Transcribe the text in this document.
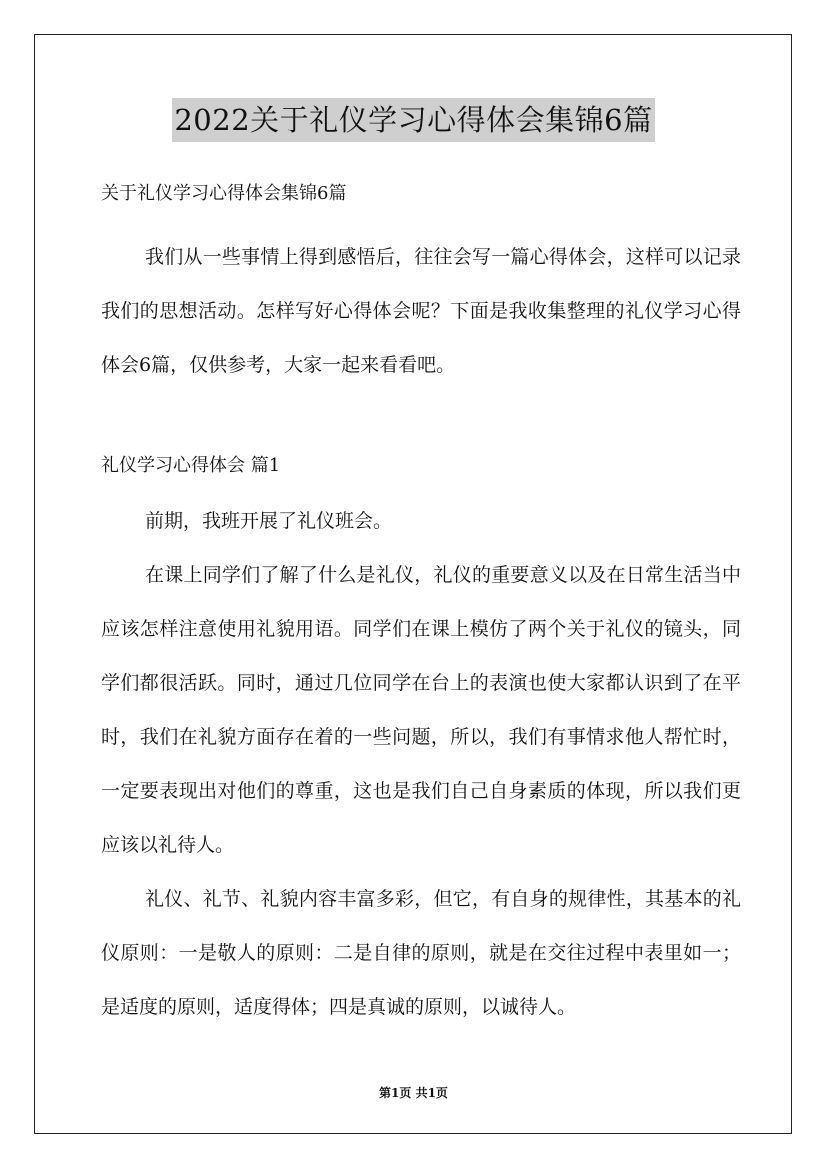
2022关于礼仪学习心得体会集锦6篇
关于礼仪学习心得体会集锦6篇

我们从一些事情上得到感悟后，往往会写一篇心得体会，这样可以记录我们的思想活动。怎样写好心得体会呢？下面是我收集整理的礼仪学习心得体会6篇，仅供参考，大家一起来看看吧。

礼仪学习心得体会 篇1

前期，我班开展了礼仪班会。

在课上同学们了解了什么是礼仪，礼仪的重要意义以及在日常生活当中应该怎样注意使用礼貌用语。同学们在课上模仿了两个关于礼仪的镜头，同学们都很活跃。同时，通过几位同学在台上的表演也使大家都认识到了在平时，我们在礼貌方面存在着的一些问题，所以，我们有事情求他人帮忙时，一定要表现出对他们的尊重，这也是我们自己自身素质的体现，所以我们更应该以礼待人。

礼仪、礼节、礼貌内容丰富多彩，但它，有自身的规律性，其基本的礼仪原则：一是敬人的原则：二是自律的原则，就是在交往过程中表里如一；是适度的原则，适度得体；四是真诚的原则，以诚待人。

第1页 共1页
